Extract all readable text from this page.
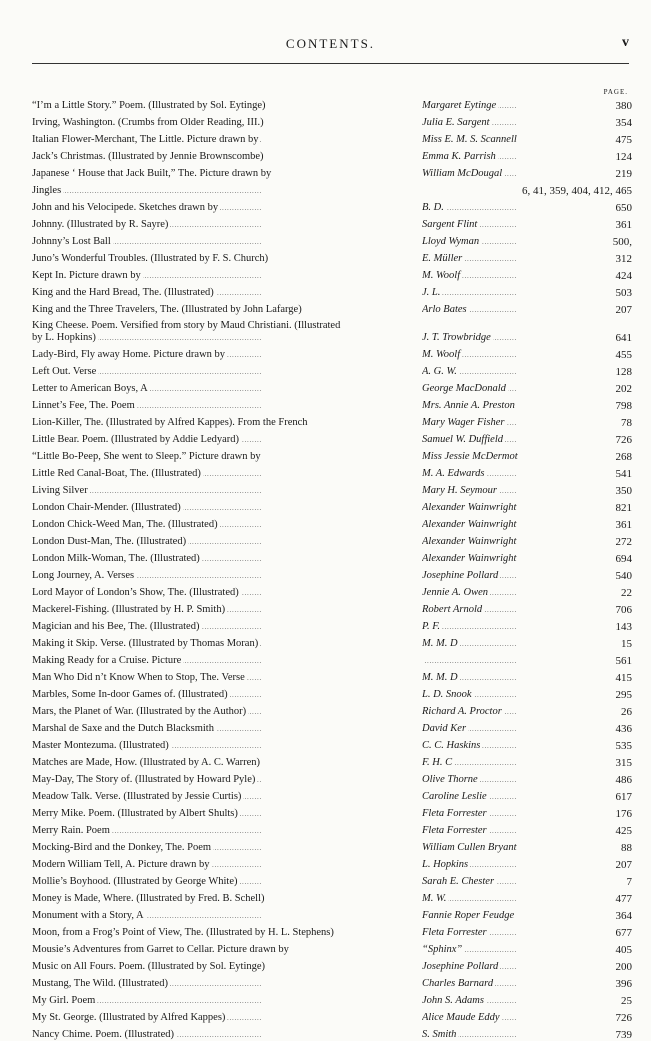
CONTENTS.	v
PAGE.
“I’m a Little Story.” Poem. (Illustrated by Sol. Eytinge) . . .	Margaret Eytinge . . .	380
Irving, Washington. (Crumbs from Older Reading, III.) . . .	Julia E. Sargent . . .	354
Italian Flower-Merchant, The Little. Picture drawn by . . .	Miss E. M. S. Scannell . . .	475
Jack’s Christmas. (Illustrated by Jennie Brownscombe) . . .	Emma K. Parrish . . .	124
Japanese ‘ House that Jack Built,” The. Picture drawn by . . .	William McDougal . . .	219
Jingles . . .	6, 41, 359, 404, 412, 465
John and his Velocipede. Sketches drawn by . . .	B. D. . . .	650
Johnny. (Illustrated by R. Sayre) . . .	Sargent Flint . . .	361
Johnny’s Lost Ball . . .	Lloyd Wyman . . .	500,
Juno’s Wonderful Troubles. (Illustrated by F. S. Church) . . .	E. Müller . . .	312
Kept In. Picture drawn by . . .	M. Woolf . . .	424
King and the Hard Bread, The. (Illustrated) . . .	J. L. . . .	503
King and the Three Travelers, The. (Illustrated by John Lafarge) . . .	Arlo Bates . . .	207
King Cheese. Poem. Versified from story by Maud Christiani. (Illustrated
by L. Hopkins) . . .	J. T. Trowbridge . . .	641
Lady-Bird, Fly away Home. Picture drawn by . . .	M. Woolf . . .	455
Left Out. Verse . . .	A. G. W. . . .	128
Letter to American Boys, A . . .	George MacDonald . . .	202
Linnet’s Fee, The. Poem . . .	Mrs. Annie A. Preston . . .	798
Lion-Killer, The. (Illustrated by Alfred Kappes). From the French . . .	Mary Wager Fisher . . .	78
Little Bear. Poem. (Illustrated by Addie Ledyard) . . .	Samuel W. Duffield . . .	726
“Little Bo-Peep, She went to Sleep.” Picture drawn by . . .	Miss Jessie McDermot . . .	268
Little Red Canal-Boat, The. (Illustrated) . . .	M. A. Edwards . . .	541
Living Silver . . .	Mary H. Seymour . . .	350
London Chair-Mender. (Illustrated) . . .	Alexander Wainwright . . .	821
London Chick-Weed Man, The. (Illustrated) . . .	Alexander Wainwright . . .	361
London Dust-Man, The. (Illustrated) . . .	Alexander Wainwright . . .	272
London Milk-Woman, The. (Illustrated) . . .	Alexander Wainwright . . .	694
Long Journey, A. Verses . . .	Josephine Pollard . . .	540
Lord Mayor of London’s Show, The. (Illustrated) . . .	Jennie A. Owen . . .	22
Mackerel-Fishing. (Illustrated by H. P. Smith) . . .	Robert Arnold . . .	706
Magician and his Bee, The. (Illustrated) . . .	P. F. . . .	143
Making it Skip. Verse. (Illustrated by Thomas Moran) . . .	M. M. D . . .	15
Making Ready for a Cruise. Picture . . . . . .	561
Man Who Did n’t Know When to Stop, The. Verse . . .	M. M. D . . .	415
Marbles, Some In-door Games of. (Illustrated) . . .	L. D. Snook . . .	295
Mars, the Planet of War. (Illustrated by the Author) . . .	Richard A. Proctor . . .	26
Marshal de Saxe and the Dutch Blacksmith . . .	David Ker . . .	436
Master Montezuma. (Illustrated) . . .	C. C. Haskins . . .	535
Matches are Made, How. (Illustrated by A. C. Warren) . . .	F. H. C . . .	315
May-Day, The Story of. (Illustrated by Howard Pyle) . . .	Olive Thorne . . .	486
Meadow Talk. Verse. (Illustrated by Jessie Curtis) . . .	Caroline Leslie . . .	617
Merry Mike. Poem. (Illustrated by Albert Shults) . . .	Fleta Forrester . . .	176
Merry Rain. Poem . . .	Fleta Forrester . . .	425
Mocking-Bird and the Donkey, The. Poem . . .	William Cullen Bryant . . .	88
Modern William Tell, A. Picture drawn by . . .	L. Hopkins . . .	207
Mollie’s Boyhood. (Illustrated by George White) . . .	Sarah E. Chester . . .	7
Money is Made, Where. (Illustrated by Fred. B. Schell) . . .	M. W. . . .	477
Monument with a Story, A . . .	Fannie Roper Feudge . . .	364
Moon, from a Frog’s Point of View, The. (Illustrated by H. L. Stephens) . . .	Fleta Forrester . . .	677
Mousie’s Adventures from Garret to Cellar. Picture drawn by . . .	“Sphinx” . . .	405
Music on All Fours. Poem. (Illustrated by Sol. Eytinge) . . .	Josephine Pollard . . .	200
Mustang, The Wild. (Illustrated) . . .	Charles Barnard . . .	396
My Girl. Poem . . .	John S. Adams . . .	25
My St. George. (Illustrated by Alfred Kappes) . . .	Alice Maude Eddy . . .	726
Nancy Chime. Poem. (Illustrated) . . .	S. Smith . . .	739
